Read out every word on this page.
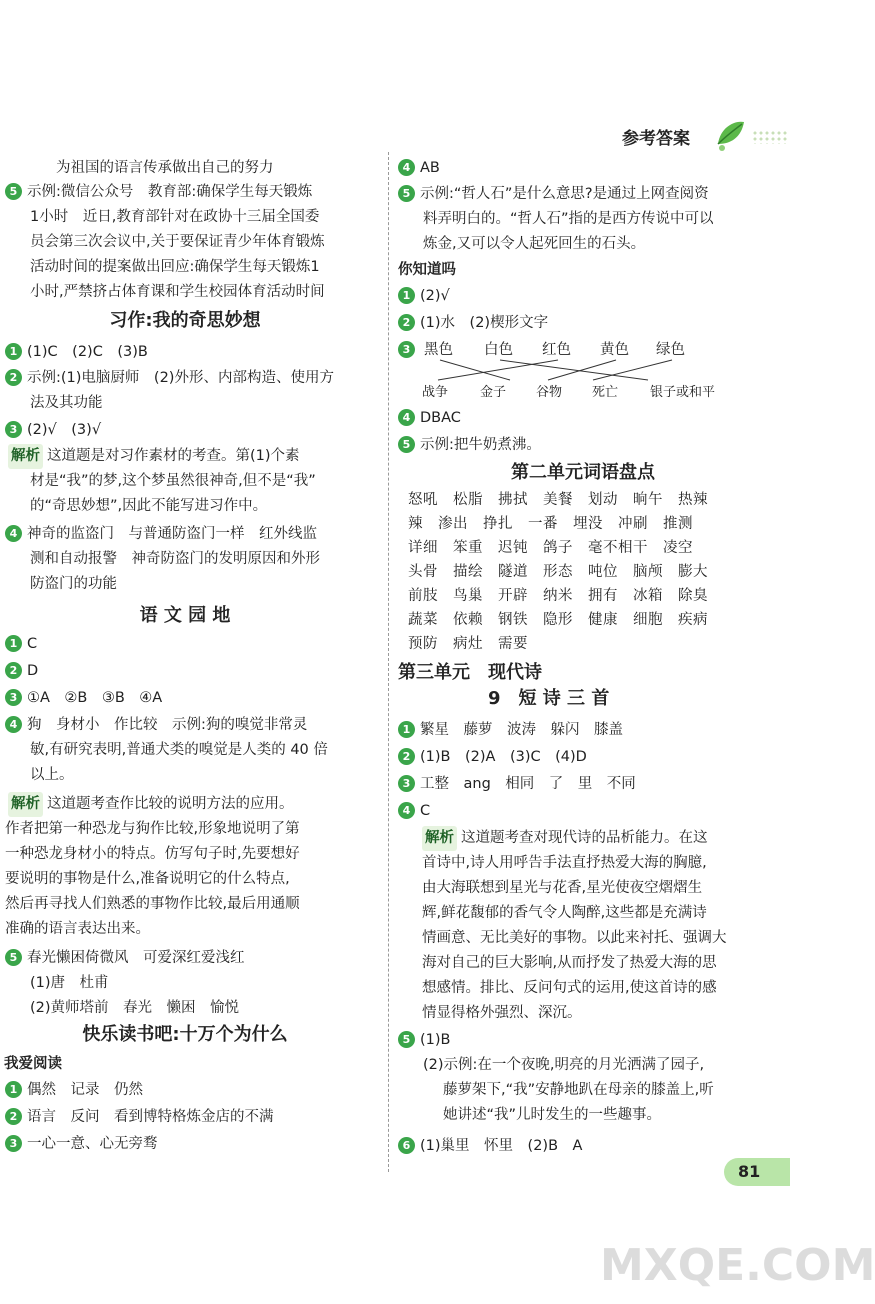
参考答案
为祖国的语言传承做出自己的努力
5 示例:微信公众号　教育部:确保学生每天锻炼
1小时　近日,教育部针对在政协十三届全国委
员会第三次会议中,关于要保证青少年体育锻炼
活动时间的提案做出回应:确保学生每天锻炼1
小时,严禁挤占体育课和学生校园体育活动时间
习作:我的奇思妙想
1 (1)C　(2)C　(3)B
2 示例:(1)电脑厨师　(2)外形、内部构造、使用方
法及其功能
3 (2)√　(3)√
解析 这道题是对习作素材的考查。第(1)个素
材是“我”的梦,这个梦虽然很神奇,但不是“我”
的“奇思妙想”,因此不能写进习作中。
4 神奇的监盗门　与普通防盗门一样　红外线监
测和自动报警　神奇防盗门的发明原因和外形
防盗门的功能
语 文 园 地
1 C
2 D
3 ①A　②B　③B　④A
4 狗　身材小　作比较　示例:狗的嗅觉非常灵
敏,有研究表明,普通犬类的嗅觉是人类的 40 倍
以上。
解析 这道题考查作比较的说明方法的应用。
作者把第一种恐龙与狗作比较,形象地说明了第
一种恐龙身材小的特点。仿写句子时,先要想好
要说明的事物是什么,准备说明它的什么特点,
然后再寻找人们熟悉的事物作比较,最后用通顺
准确的语言表达出来。
5 春光懒困倚微风　可爱深红爱浅红
(1)唐　杜甫
(2)黄师塔前　春光　懒困　愉悦
快乐读书吧:十万个为什么
我爱阅读
1 偶然　记录　仍然
2 语言　反问　看到博特格炼金店的不满
3 一心一意、心无旁骛
4 AB
5 示例:“哲人石”是什么意思?是通过上网查阅资
料弄明白的。“哲人石”指的是西方传说中可以
炼金,又可以令人起死回生的石头。
你知道吗
1 (2)√
2 (1)水　(2)楔形文字
3 黑色 白色 红色 黄色 绿色
战争 金子 谷物 死亡 银子或和平
4 DBAC
5 示例:把牛奶煮沸。
第二单元词语盘点
怒吼　松脂　拂拭　美餐　划动　晌午　热辣
辣　渗出　挣扎　一番　埋没　冲刷　推测
详细　笨重　迟钝　鸽子　毫不相干　凌空
头骨　描绘　隧道　形态　吨位　脑颅　膨大
前肢　鸟巢　开辟　纳米　拥有　冰箱　除臭
蔬菜　依赖　钢铁　隐形　健康　细胞　疾病
预防　病灶　需要
第三单元　现代诗
9　短 诗 三 首
1 繁星　藤萝　波涛　躲闪　膝盖
2 (1)B　(2)A　(3)C　(4)D
3 工整　ang　相同　了　里　不同
4 C
解析 这道题考查对现代诗的品析能力。在这
首诗中,诗人用呼告手法直抒热爱大海的胸臆,
由大海联想到星光与花香,星光使夜空熠熠生
辉,鲜花馥郁的香气令人陶醉,这些都是充满诗
情画意、无比美好的事物。以此来衬托、强调大
海对自己的巨大影响,从而抒发了热爱大海的思
想感情。排比、反问句式的运用,使这首诗的感
情显得格外强烈、深沉。
5 (1)B
(2)示例:在一个夜晚,明亮的月光洒满了园子,
藤萝架下,“我”安静地趴在母亲的膝盖上,听
她讲述“我”儿时发生的一些趣事。
6 (1)巢里　怀里　(2)B　A
81
MXQE.COM
